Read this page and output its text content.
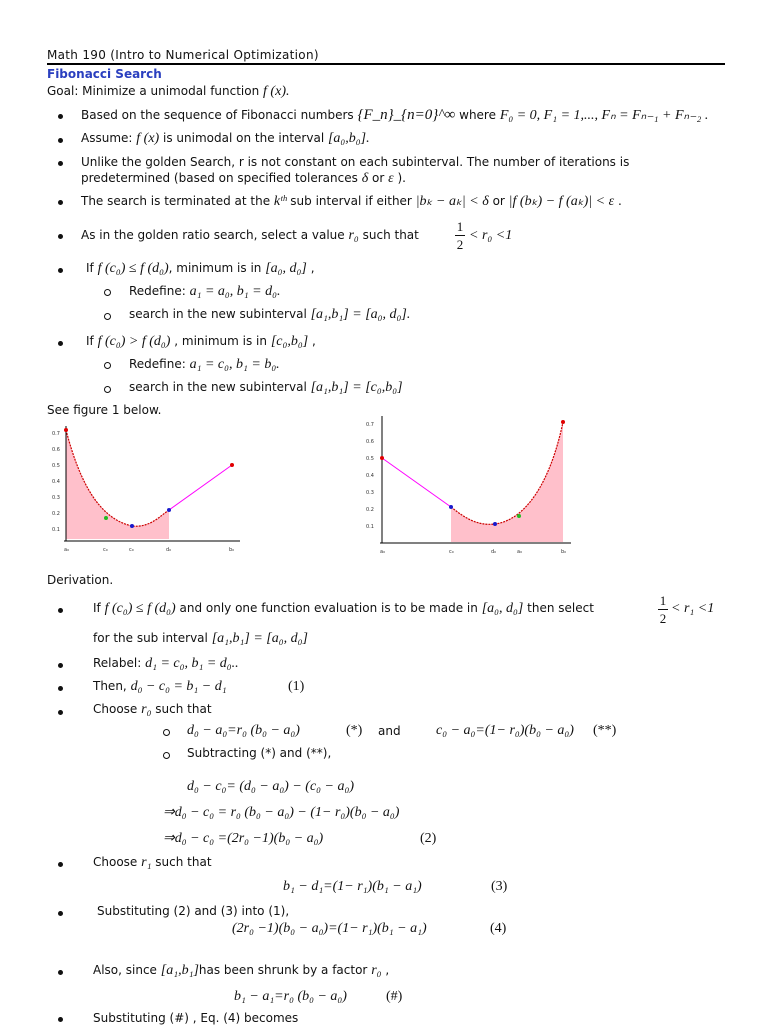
Math 190 (Intro to Numerical Optimization)
Fibonacci Search
Goal: Minimize a unimodal function f (x).
Based on the sequence of Fibonacci numbers {F_n}_{n=0}^∞ where F₀ = 0, F₁ = 1,..., Fₙ = Fₙ₋₁ + Fₙ₋₂ .
Assume: f (x) is unimodal on the interval [a₀,b₀].
Unlike the golden Search, r is not constant on each subinterval. The number of iterations is
predetermined (based on specified tolerances δ or ε ).
The search is terminated at the kᵗʰ sub interval if either |bₖ − aₖ| < δ or |f (bₖ) − f (aₖ)| < ε .
As in the golden ratio search, select a value r₀ such that	$\frac{1}{2} < r_0 <1$
If f (c₀) ≤ f (d₀), minimum is in [a₀, d₀] ,
Redefine: a₁ = a₀, b₁ = d₀.
search in the new subinterval [a₁,b₁] = [a₀, d₀].
If f (c₀) > f (d₀) , minimum is in [c₀,b₀] ,
Redefine: a₁ = c₀, b₁ = b₀.
search in the new subinterval [a₁,b₁] = [c₀,b₀]
See figure 1 below.
0.7
0.6
0.5
0.4
0.3
0.2
0.1
a₀	c₀	c₀	d₀	b₀
0.7
0.6
0.5
0.4
0.3
0.2
0.1
a₀	c₀	d₀	a₀	b₀
Derivation.
If f (c₀) ≤ f (d₀) and only one function evaluation is to be made in [a₀, d₀] then select	$\frac{1}{2} < r_1 <1$
for the sub interval [a₁,b₁] = [a₀, d₀]
Relabel: d₁ = c₀, b₁ = d₀..
Then, d₀ − c₀ = b₁ − d₁	(1)
Choose r₀ such that
d₀ − a₀=r₀ (b₀ − a₀)	(*) and	c₀ − a₀=(1− r₀)(b₀ − a₀) (**)
Subtracting (*) and (**),
d₀ − c₀= (d₀ − a₀) − (c₀ − a₀)
⇒d₀ − c₀ = r₀ (b₀ − a₀) − (1− r₀)(b₀ − a₀)
⇒d₀ − c₀ =(2r₀ −1)(b₀ − a₀)	(2)
Choose r₁ such that
b₁ − d₁=(1− r₁)(b₁ − a₁)	(3)
Substituting (2) and (3) into (1),
(2r₀ −1)(b₀ − a₀)=(1− r₁)(b₁ − a₁)	(4)
Also, since [a₁,b₁]has been shrunk by a factor r₀ ,
b₁ − a₁=r₀ (b₀ − a₀)	(#)
Substituting (#) , Eq. (4) becomes
